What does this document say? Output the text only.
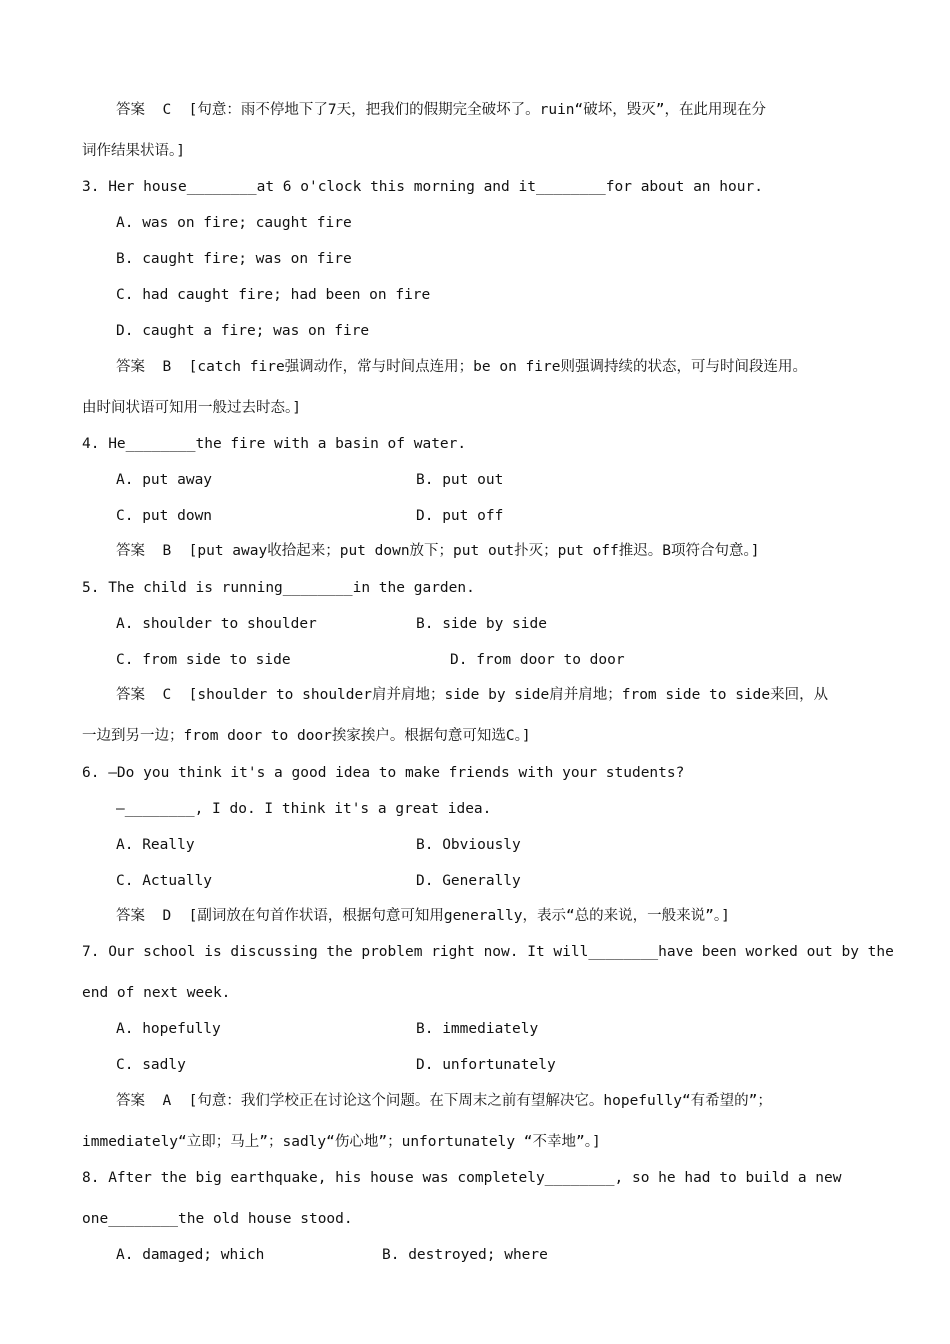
答案  C  [句意：雨不停地下了7天，把我们的假期完全破坏了。ruin“破坏，毁灭”，在此用现在分
词作结果状语。]
3. Her house________at 6 o'clock this morning and it________for about an hour.
A. was on fire; caught fire
B. caught fire; was on fire
C. had caught fire; had been on fire
D. caught a fire; was on fire
答案  B  [catch fire强调动作，常与时间点连用；be on fire则强调持续的状态，可与时间段连用。
由时间状语可知用一般过去时态。]
4. He________the fire with a basin of water.
A. put away	B. put out
C. put down	D. put off
答案  B  [put away收拾起来；put down放下；put out扑灭；put off推迟。B项符合句意。]
5. The child is running________in the garden.
A. shoulder to shoulder	B. side by side
C. from side to side	D. from door to door
答案  C  [shoulder to shoulder肩并肩地；side by side肩并肩地；from side to side来回，从
一边到另一边；from door to door挨家挨户。根据句意可知选C。]
6. —Do you think it's a good idea to make friends with your students?
—________, I do. I think it's a great idea.
A. Really	B. Obviously
C. Actually	D. Generally
答案  D  [副词放在句首作状语，根据句意可知用generally，表示“总的来说，一般来说”。]
7. Our school is discussing the problem right now. It will________have been worked out by the
end of next week.
A. hopefully	B. immediately
C. sadly	D. unfortunately
答案  A  [句意：我们学校正在讨论这个问题。在下周末之前有望解决它。hopefully“有希望的”；
immediately“立即；马上”；sadly“伤心地”；unfortunately “不幸地”。]
8. After the big earthquake, his house was completely________, so he had to build a new
one________the old house stood.
A. damaged; which	B. destroyed; where
